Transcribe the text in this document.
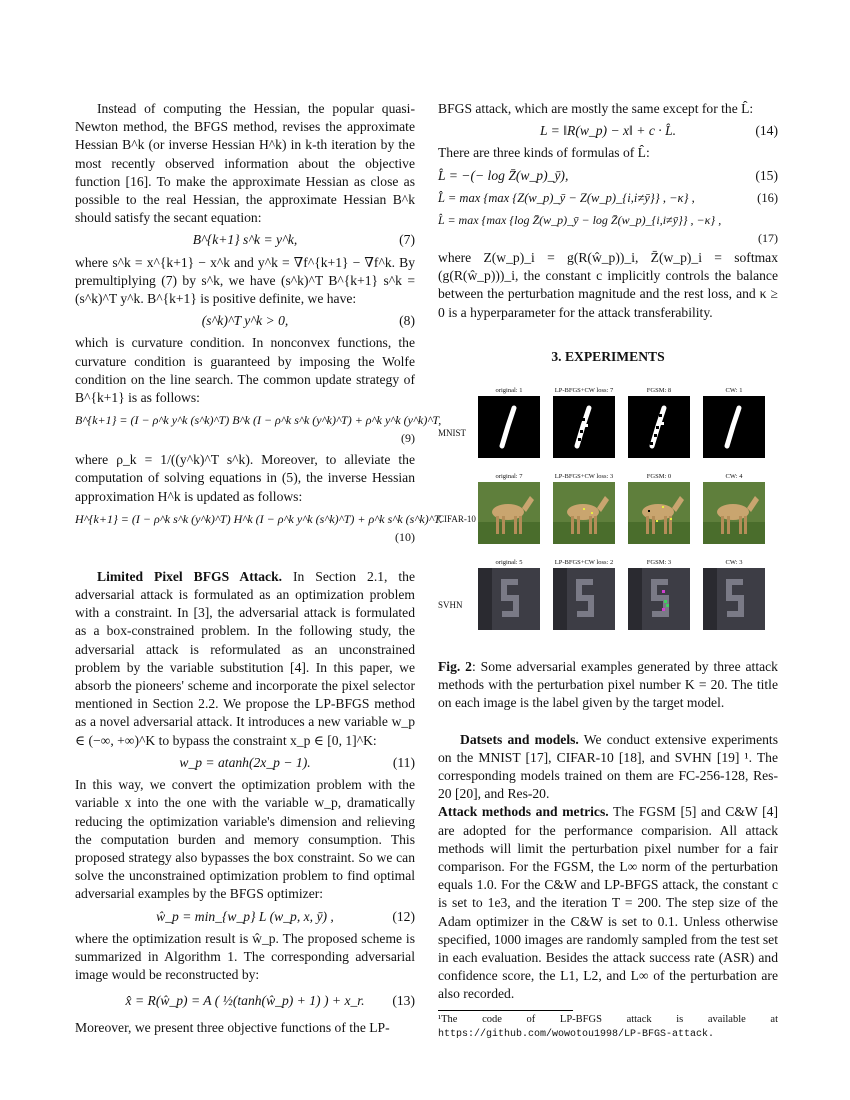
Instead of computing the Hessian, the popular quasi-Newton method, the BFGS method, revises the approximate Hessian B^k (or inverse Hessian H^k) in k-th iteration by the most recently observed information about the objective function [16]. To make the approximate Hessian as close as possible to the real Hessian, the approximate Hessian B^k should satisfy the secant equation:

B^{k+1} s^k = y^k,	(7)

where s^k = x^{k+1} − x^k and y^k = ∇f^{k+1} − ∇f^k. By premultiplying (7) by s^k, we have (s^k)^T B^{k+1} s^k = (s^k)^T y^k. B^{k+1} is positive definite, we have:

(s^k)^T y^k > 0,	(8)

which is curvature condition. In nonconvex functions, the curvature condition is guaranteed by imposing the Wolfe condition on the line search. The common update strategy of B^{k+1} is as follows:

B^{k+1} = (I − ρ^k y^k (s^k)^T) B^k (I − ρ^k s^k (y^k)^T) + ρ^k y^k (y^k)^T,
(9)

where ρ_k = 1/((y^k)^T s^k). Moreover, to alleviate the computation of solving equations in (5), the inverse Hessian approximation H^k is updated as follows:

H^{k+1} = (I − ρ^k s^k (y^k)^T) H^k (I − ρ^k y^k (s^k)^T) + ρ^k s^k (s^k)^T.
(10)

Limited Pixel BFGS Attack. In Section 2.1, the adversarial attack is formulated as an optimization problem with a constraint. In [3], the adversarial attack is formulated as a box-constrained problem. In the following study, the adversarial attack is reformulated as an unconstrained problem by the variable substitution [4]. In this paper, we absorb the pioneers' scheme and incorporate the pixel selector mentioned in Section 2.2. We propose the LP-BFGS method as a novel adversarial attack. It introduces a new variable w_p ∈ (−∞, +∞)^K to bypass the constraint x_p ∈ [0, 1]^K:

w_p = atanh(2x_p − 1).	(11)

In this way, we convert the optimization problem with the variable x into the one with the variable w_p, dramatically reducing the optimization variable's dimension and relieving the computation burden and memory consumption. This proposed strategy also bypasses the box constraint. So we can solve the unconstrained optimization problem to find optimal adversarial examples by the BFGS optimizer:

ŵ_p = min_{w_p} L (w_p, x, ȳ) ,	(12)

where the optimization result is ŵ_p. The proposed scheme is summarized in Algorithm 1. The corresponding adversarial image would be reconstructed by:

x̂ = R(ŵ_p) = A ( ½(tanh(ŵ_p) + 1) ) + x_r. (13)

Moreover, we present three objective functions of the LP-

BFGS attack, which are mostly the same except for the L̂:

L = ‖R(w_p) − x‖ + c · L̂.	(14)

There are three kinds of formulas of L̂:

L̂ = −(− log Z̄(w_p)_ȳ),	(15)
L̂ = max {max {Z(w_p)_ȳ − Z(w_p)_{i,i≠ȳ}} , −κ} ,	(16)
L̂ = max {max {log Z̄(w_p)_ȳ − log Z̄(w_p)_{i,i≠ȳ}} , −κ} ,
(17)

where Z(w_p)_i = g(R(ŵ_p))_i, Z̄(w_p)_i = softmax (g(R(ŵ_p)))_i, the constant c implicitly controls the balance between the perturbation magnitude and the rest loss, and κ ≥ 0 is a hyperparameter for the attack transferability.

3. EXPERIMENTS
MNIST
original: 1	LP-BFGS+CW loss: 7	FGSM: 8	CW: 1
CIFAR-10
original: 7	LP-BFGS+CW loss: 3	FGSM: 0	CW: 4
SVHN
original: 5	LP-BFGS+CW loss: 2	FGSM: 3	CW: 3

Fig. 2: Some adversarial examples generated by three attack methods with the perturbation pixel number K = 20. The title on each image is the label given by the target model.

Datsets and models. We conduct extensive experiments on the MNIST [17], CIFAR-10 [18], and SVHN [19] ¹. The corresponding models trained on them are FC-256-128, Res-20 [20], and Res-20.

Attack methods and metrics. The FGSM [5] and C&W [4] are adopted for the performance comparision. All attack methods will limit the perturbation pixel number for a fair comparison. For the FGSM, the L∞ norm of the perturbation equals 1.0. For the C&W and LP-BFGS attack, the constant c is set to 1e3, and the iteration T = 200. The step size of the Adam optimizer in the C&W is set to 0.1. Unless otherwise specified, 1000 images are randomly sampled from the test set in each evaluation. Besides the attack success rate (ASR) and confidence score, the L1, L2, and L∞ of the perturbation are also recorded.

¹The code of LP-BFGS attack is available at https://github.com/wowotou1998/LP-BFGS-attack.
